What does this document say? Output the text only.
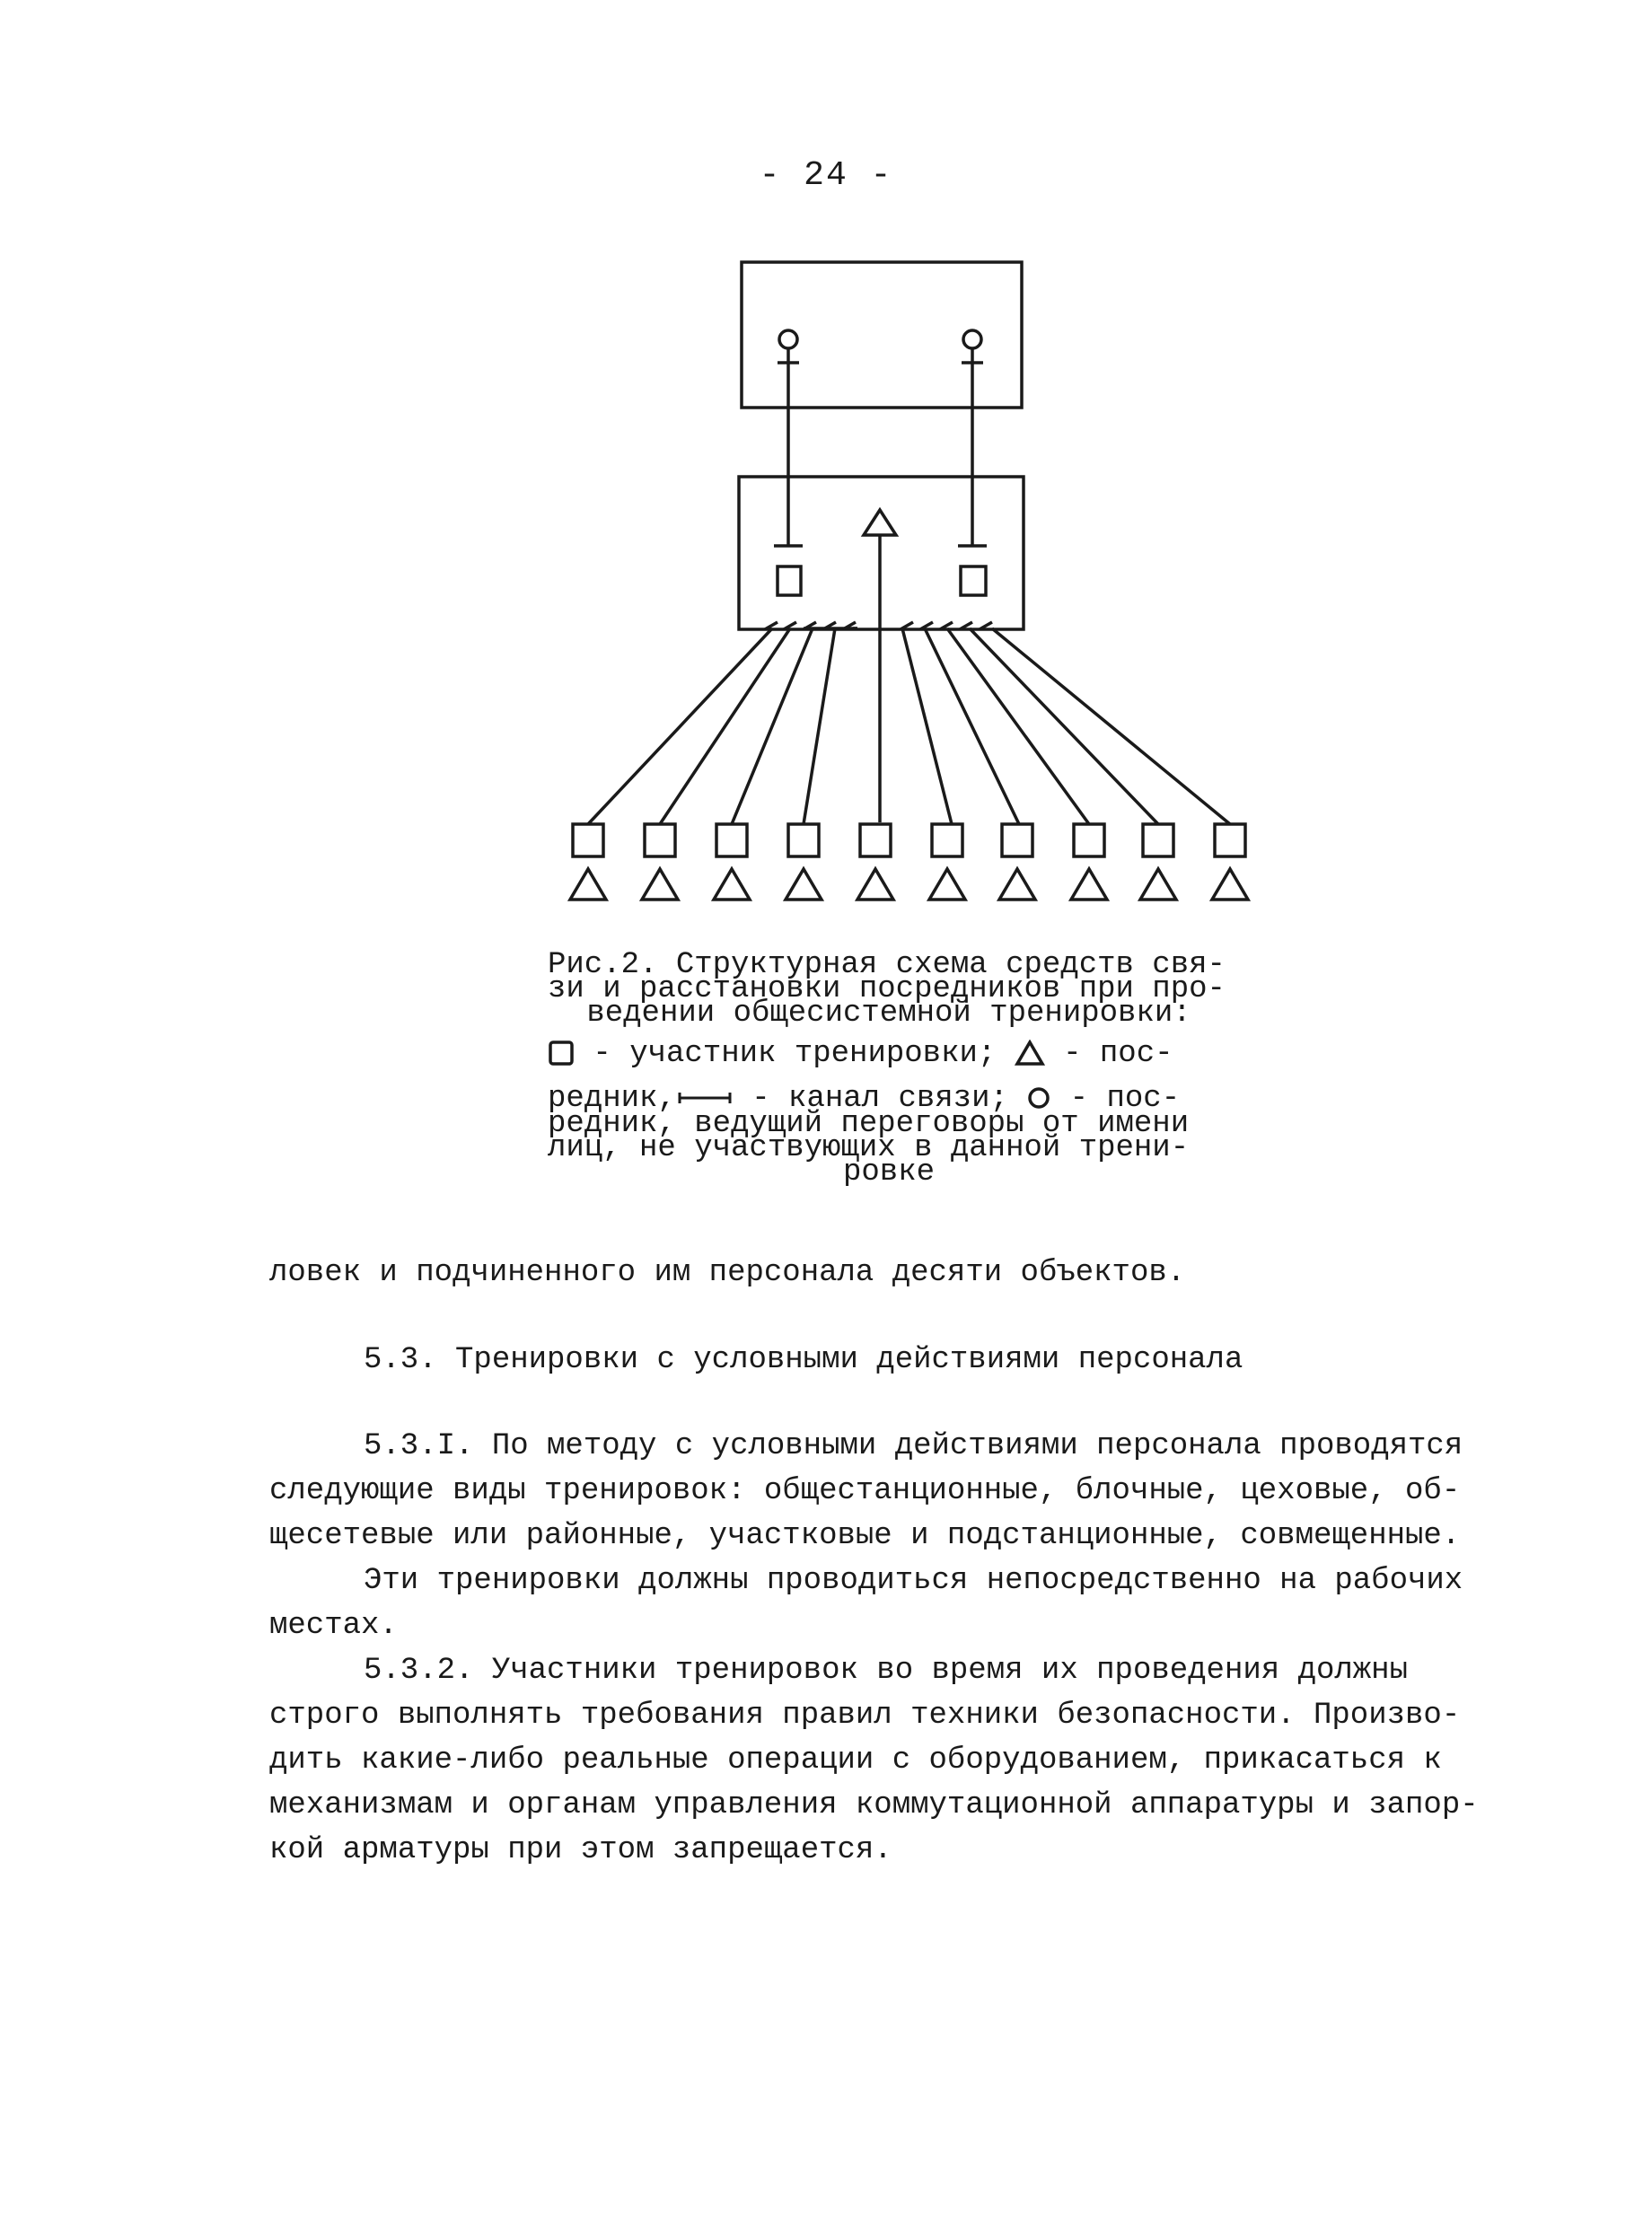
- 24 -
Рис.2. Структурная схема средств свя-
зи и расстановки посредников при про-
ведении общесистемной тренировки:
- участник тренировки;  - пос-
редник, - канал связи;  - пос-
редник, ведущий переговоры от имени
лиц, не участвующих в данной трени-
ровке
ловек и подчиненного им персонала десяти объектов.
5.3. Тренировки с условными действиями персонала
5.3.I. По методу с условными действиями персонала проводятся
следующие виды тренировок: общестанционные, блочные, цеховые, об-
щесетевые или районные, участковые и подстанционные, совмещенные.
Эти тренировки должны проводиться непосредственно на рабочих
местах.
5.3.2. Участники тренировок во время их проведения должны
строго выполнять требования правил техники безопасности. Произво-
дить какие-либо реальные операции с оборудованием, прикасаться к
механизмам и органам управления коммутационной аппаратуры и запор-
кой арматуры при этом запрещается.
